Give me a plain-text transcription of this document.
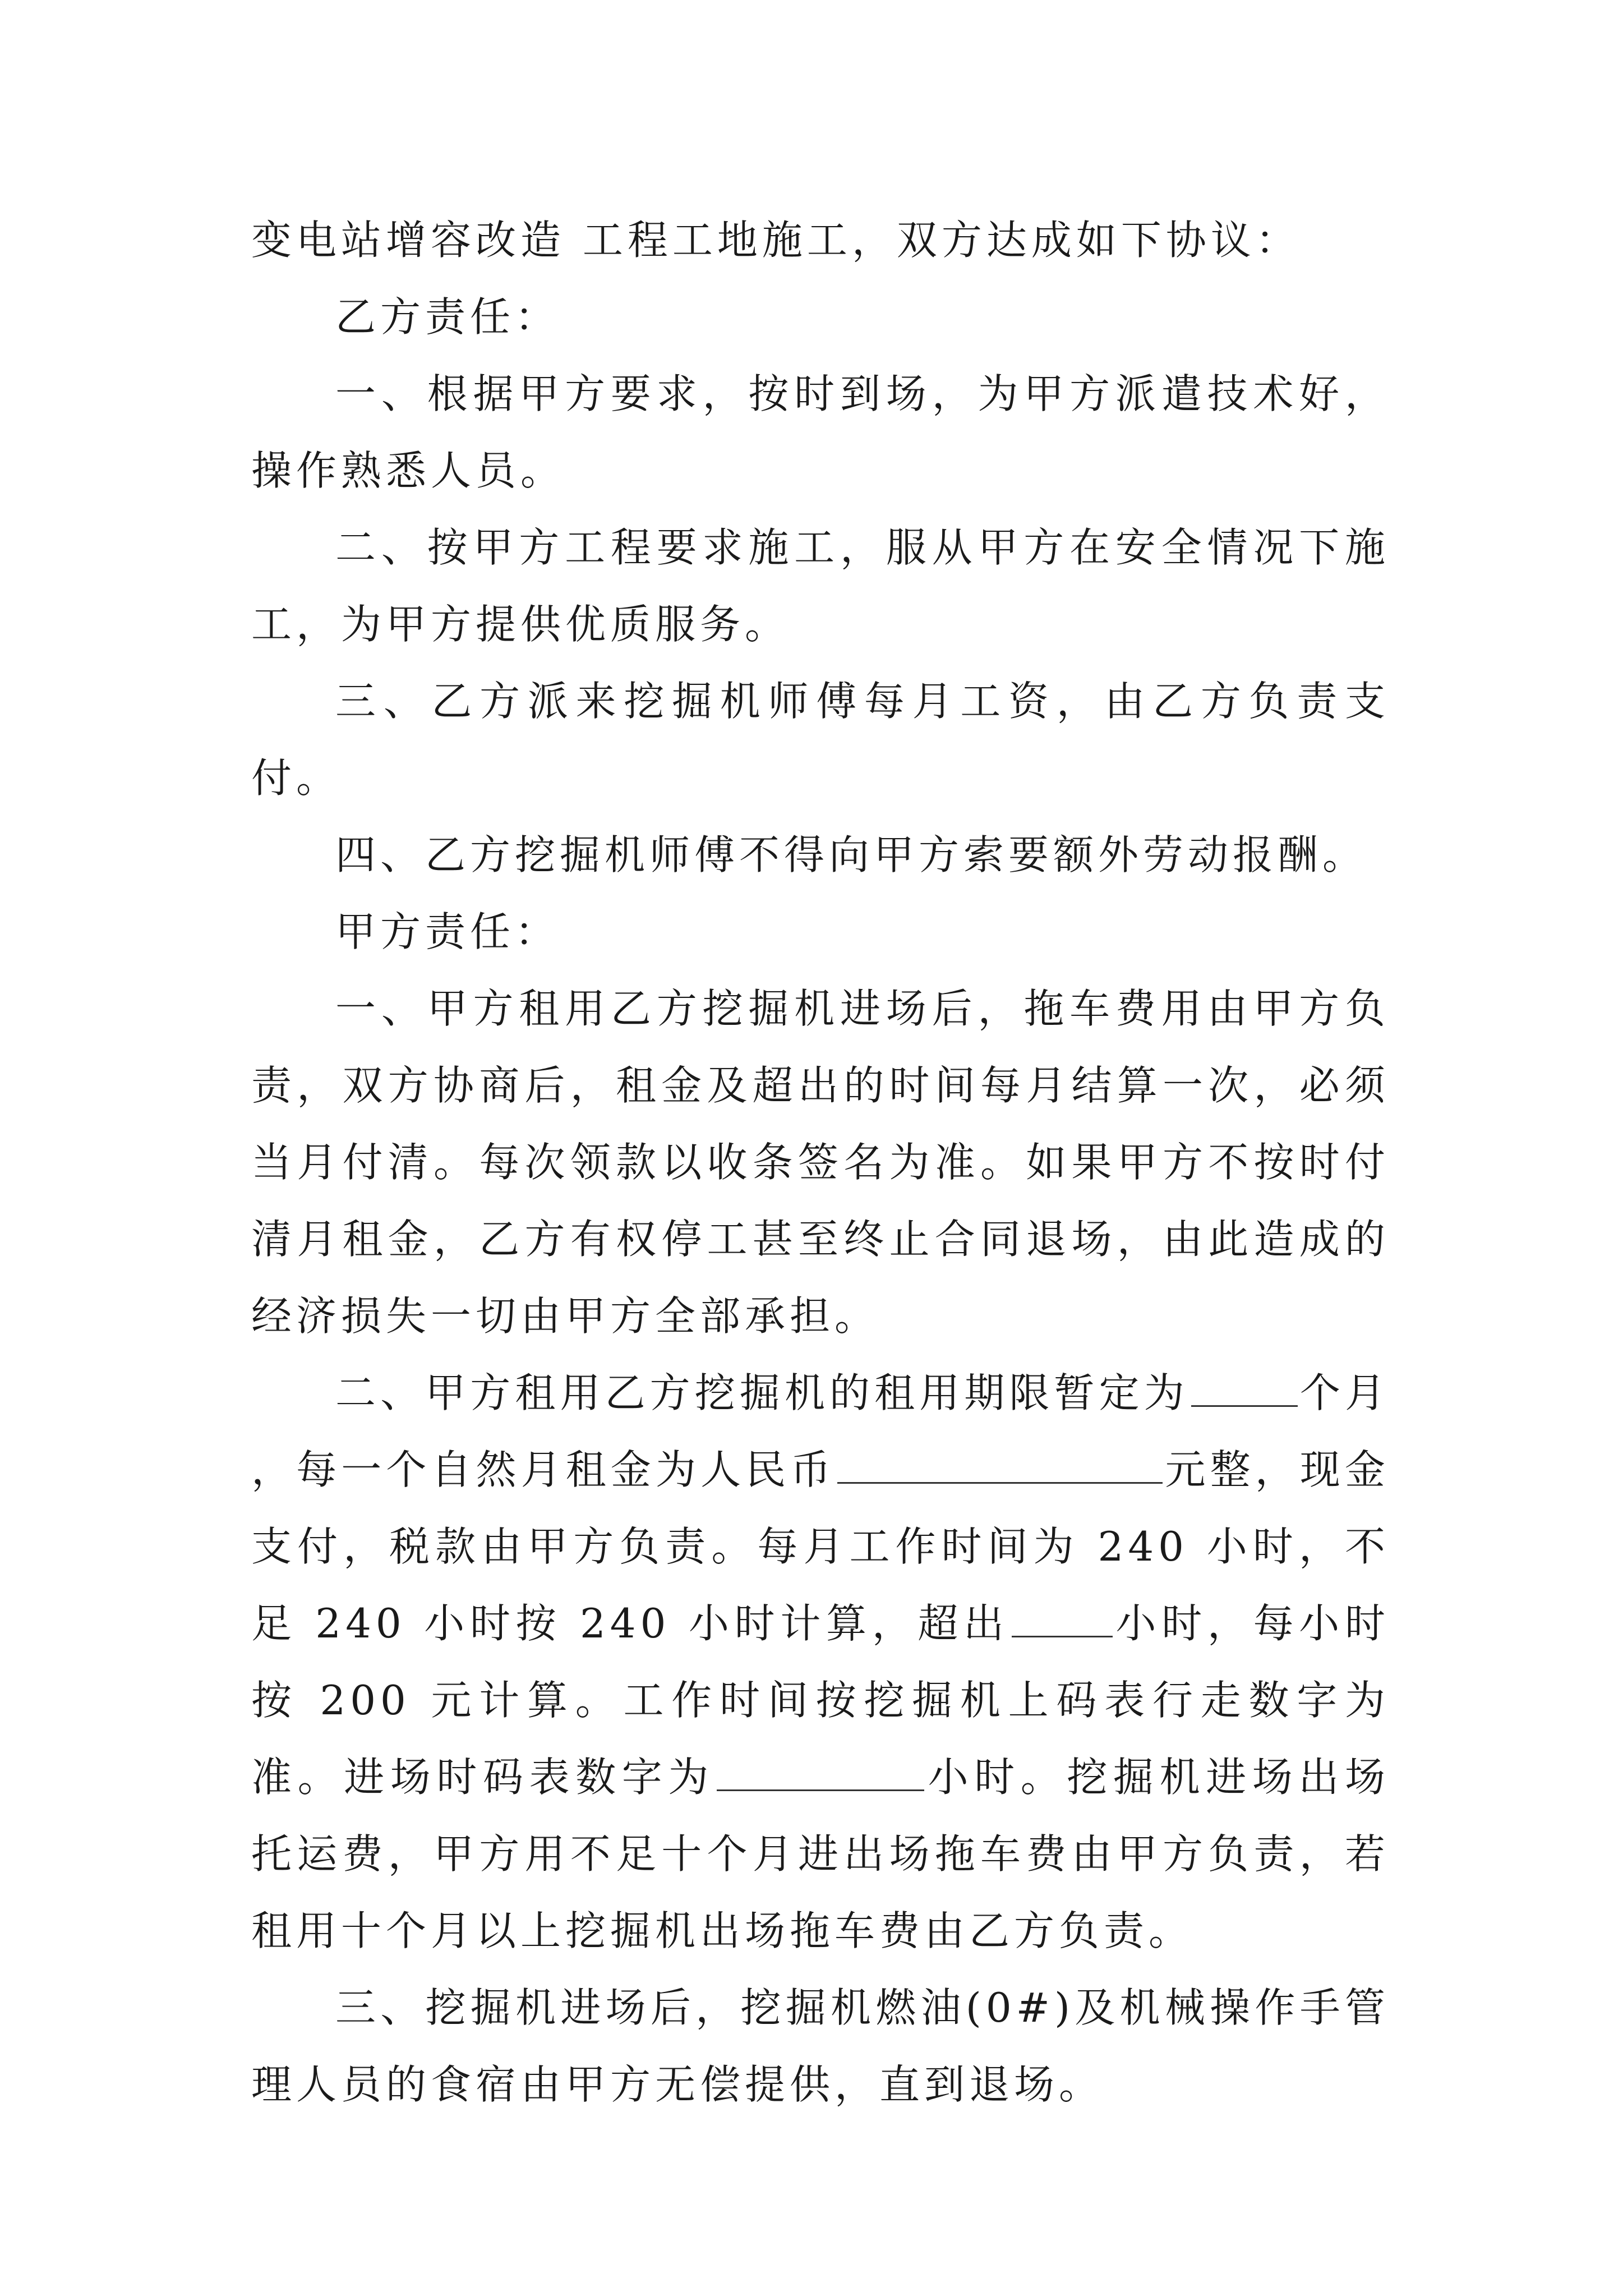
变电站增容改造 工程工地施工，双方达成如下协议：

乙方责任：

一、根据甲方要求，按时到场，为甲方派遣技术好，操作熟悉人员。

二、按甲方工程要求施工，服从甲方在安全情况下施工，为甲方提供优质服务。

三、乙方派来挖掘机师傅每月工资，由乙方负责支付。

四、乙方挖掘机师傅不得向甲方索要额外劳动报酬。

甲方责任：

一、甲方租用乙方挖掘机进场后，拖车费用由甲方负责，双方协商后，租金及超出的时间每月结算一次，必须当月付清。每次领款以收条签名为准。如果甲方不按时付清月租金，乙方有权停工甚至终止合同退场，由此造成的经济损失一切由甲方全部承担。

二、甲方租用乙方挖掘机的租用期限暂定为	个月 ，每一个自然月租金为人民币	元整，现金支付，税款由甲方负责。每月工作时间为 240 小时，不足 240 小时按 240 小时计算，超出	小时，每小时按 200 元计算。工作时间按挖掘机上码表行走数字为准。进场时码表数字为	小时。挖掘机进场出场托运费，甲方用不足十个月进出场拖车费由甲方负责，若租用十个月以上挖掘机出场拖车费由乙方负责。

三、挖掘机进场后，挖掘机燃油(0#)及机械操作手管理人员的食宿由甲方无偿提供，直到退场。
